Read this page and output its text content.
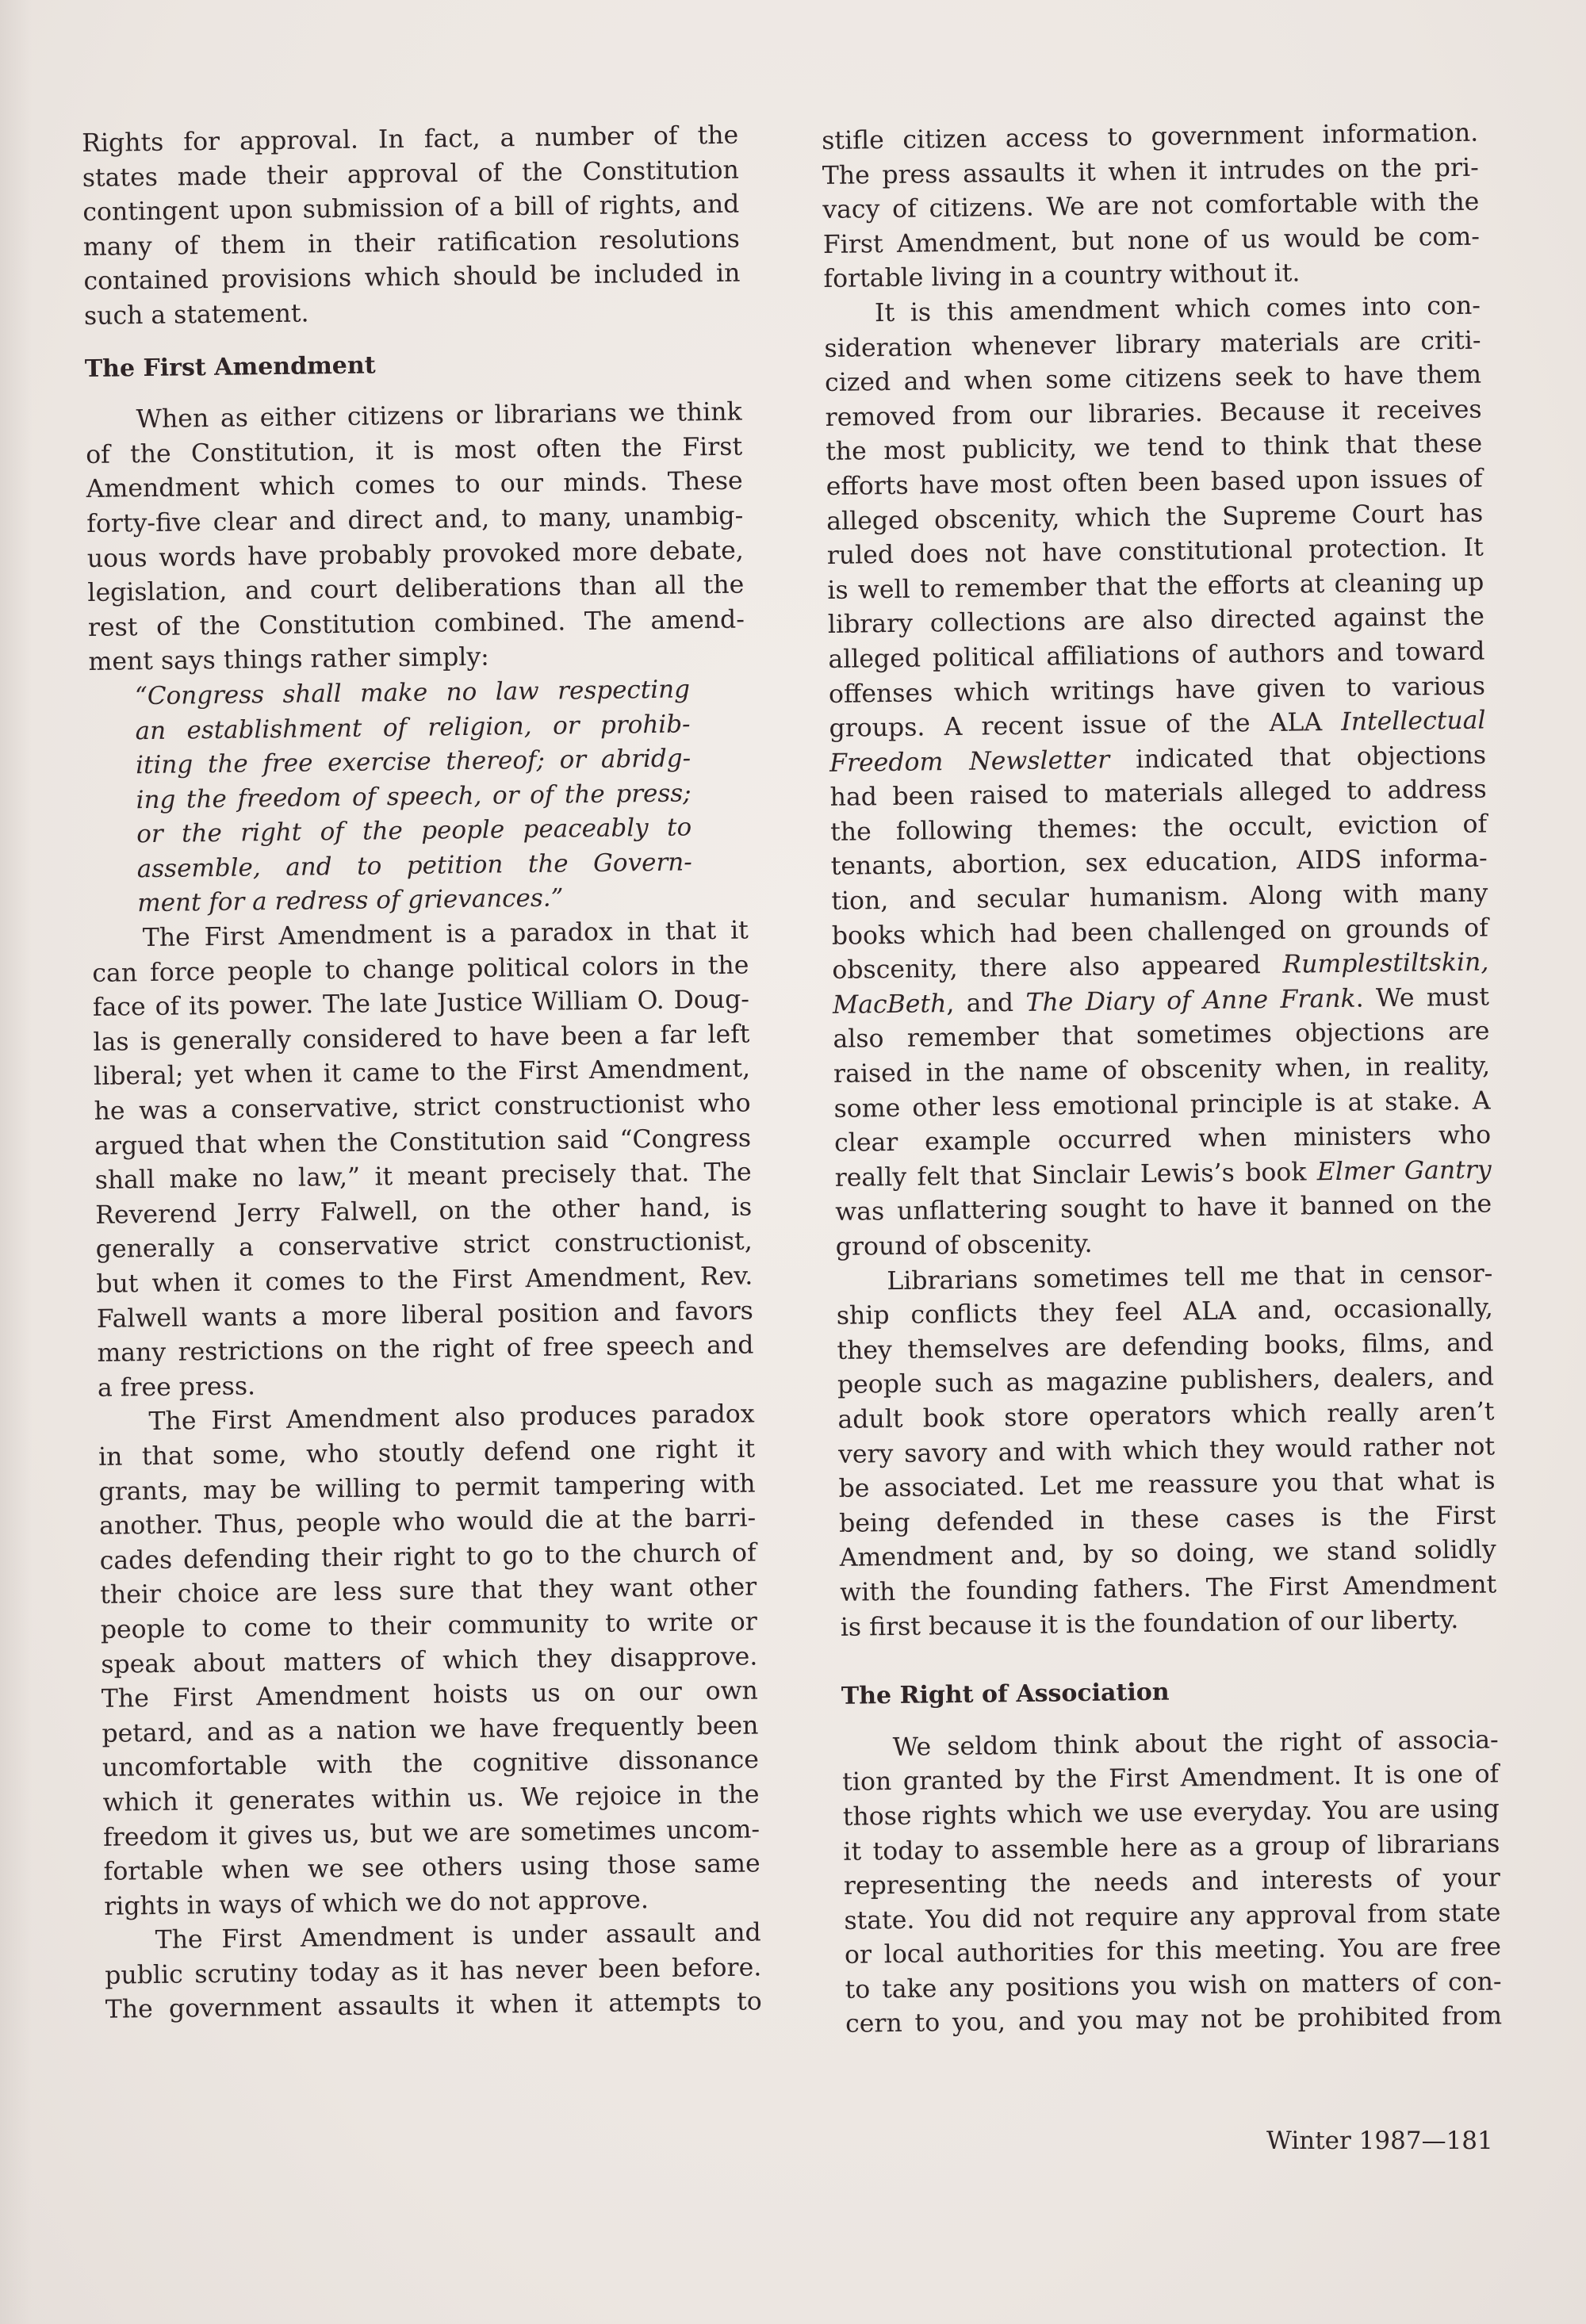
Rights for approval. In fact, a number of the
states made their approval of the Constitution
contingent upon submission of a bill of rights, and
many of them in their ratification resolutions
contained provisions which should be included in
such a statement.
The First Amendment
When as either citizens or librarians we think
of the Constitution, it is most often the First
Amendment which comes to our minds. These
forty-five clear and direct and, to many, unambig-
uous words have probably provoked more debate,
legislation, and court deliberations than all the
rest of the Constitution combined. The amend-
ment says things rather simply:
“Congress shall make no law respecting
an establishment of religion, or prohib-
iting the free exercise thereof; or abridg-
ing the freedom of speech, or of the press;
or the right of the people peaceably to
assemble, and to petition the Govern-
ment for a redress of grievances.”
The First Amendment is a paradox in that it
can force people to change political colors in the
face of its power. The late Justice William O. Doug-
las is generally considered to have been a far left
liberal; yet when it came to the First Amendment,
he was a conservative, strict constructionist who
argued that when the Constitution said “Congress
shall make no law,” it meant precisely that. The
Reverend Jerry Falwell, on the other hand, is
generally a conservative strict constructionist,
but when it comes to the First Amendment, Rev.
Falwell wants a more liberal position and favors
many restrictions on the right of free speech and
a free press.
The First Amendment also produces paradox
in that some, who stoutly defend one right it
grants, may be willing to permit tampering with
another. Thus, people who would die at the barri-
cades defending their right to go to the church of
their choice are less sure that they want other
people to come to their community to write or
speak about matters of which they disapprove.
The First Amendment hoists us on our own
petard, and as a nation we have frequently been
uncomfortable with the cognitive dissonance
which it generates within us. We rejoice in the
freedom it gives us, but we are sometimes uncom-
fortable when we see others using those same
rights in ways of which we do not approve.
The First Amendment is under assault and
public scrutiny today as it has never been before.
The government assaults it when it attempts to
stifle citizen access to government information.
The press assaults it when it intrudes on the pri-
vacy of citizens. We are not comfortable with the
First Amendment, but none of us would be com-
fortable living in a country without it.
It is this amendment which comes into con-
sideration whenever library materials are criti-
cized and when some citizens seek to have them
removed from our libraries. Because it receives
the most publicity, we tend to think that these
efforts have most often been based upon issues of
alleged obscenity, which the Supreme Court has
ruled does not have constitutional protection. It
is well to remember that the efforts at cleaning up
library collections are also directed against the
alleged political affiliations of authors and toward
offenses which writings have given to various
groups. A recent issue of the ALA Intellectual
Freedom Newsletter indicated that objections
had been raised to materials alleged to address
the following themes: the occult, eviction of
tenants, abortion, sex education, AIDS informa-
tion, and secular humanism. Along with many
books which had been challenged on grounds of
obscenity, there also appeared Rumplestiltskin,
MacBeth, and The Diary of Anne Frank. We must
also remember that sometimes objections are
raised in the name of obscenity when, in reality,
some other less emotional principle is at stake. A
clear example occurred when ministers who
really felt that Sinclair Lewis’s book Elmer Gantry
was unflattering sought to have it banned on the
ground of obscenity.
Librarians sometimes tell me that in censor-
ship conflicts they feel ALA and, occasionally,
they themselves are defending books, films, and
people such as magazine publishers, dealers, and
adult book store operators which really aren’t
very savory and with which they would rather not
be associated. Let me reassure you that what is
being defended in these cases is the First
Amendment and, by so doing, we stand solidly
with the founding fathers. The First Amendment
is first because it is the foundation of our liberty.
The Right of Association
We seldom think about the right of associa-
tion granted by the First Amendment. It is one of
those rights which we use everyday. You are using
it today to assemble here as a group of librarians
representing the needs and interests of your
state. You did not require any approval from state
or local authorities for this meeting. You are free
to take any positions you wish on matters of con-
cern to you, and you may not be prohibited from
Winter 1987—181
